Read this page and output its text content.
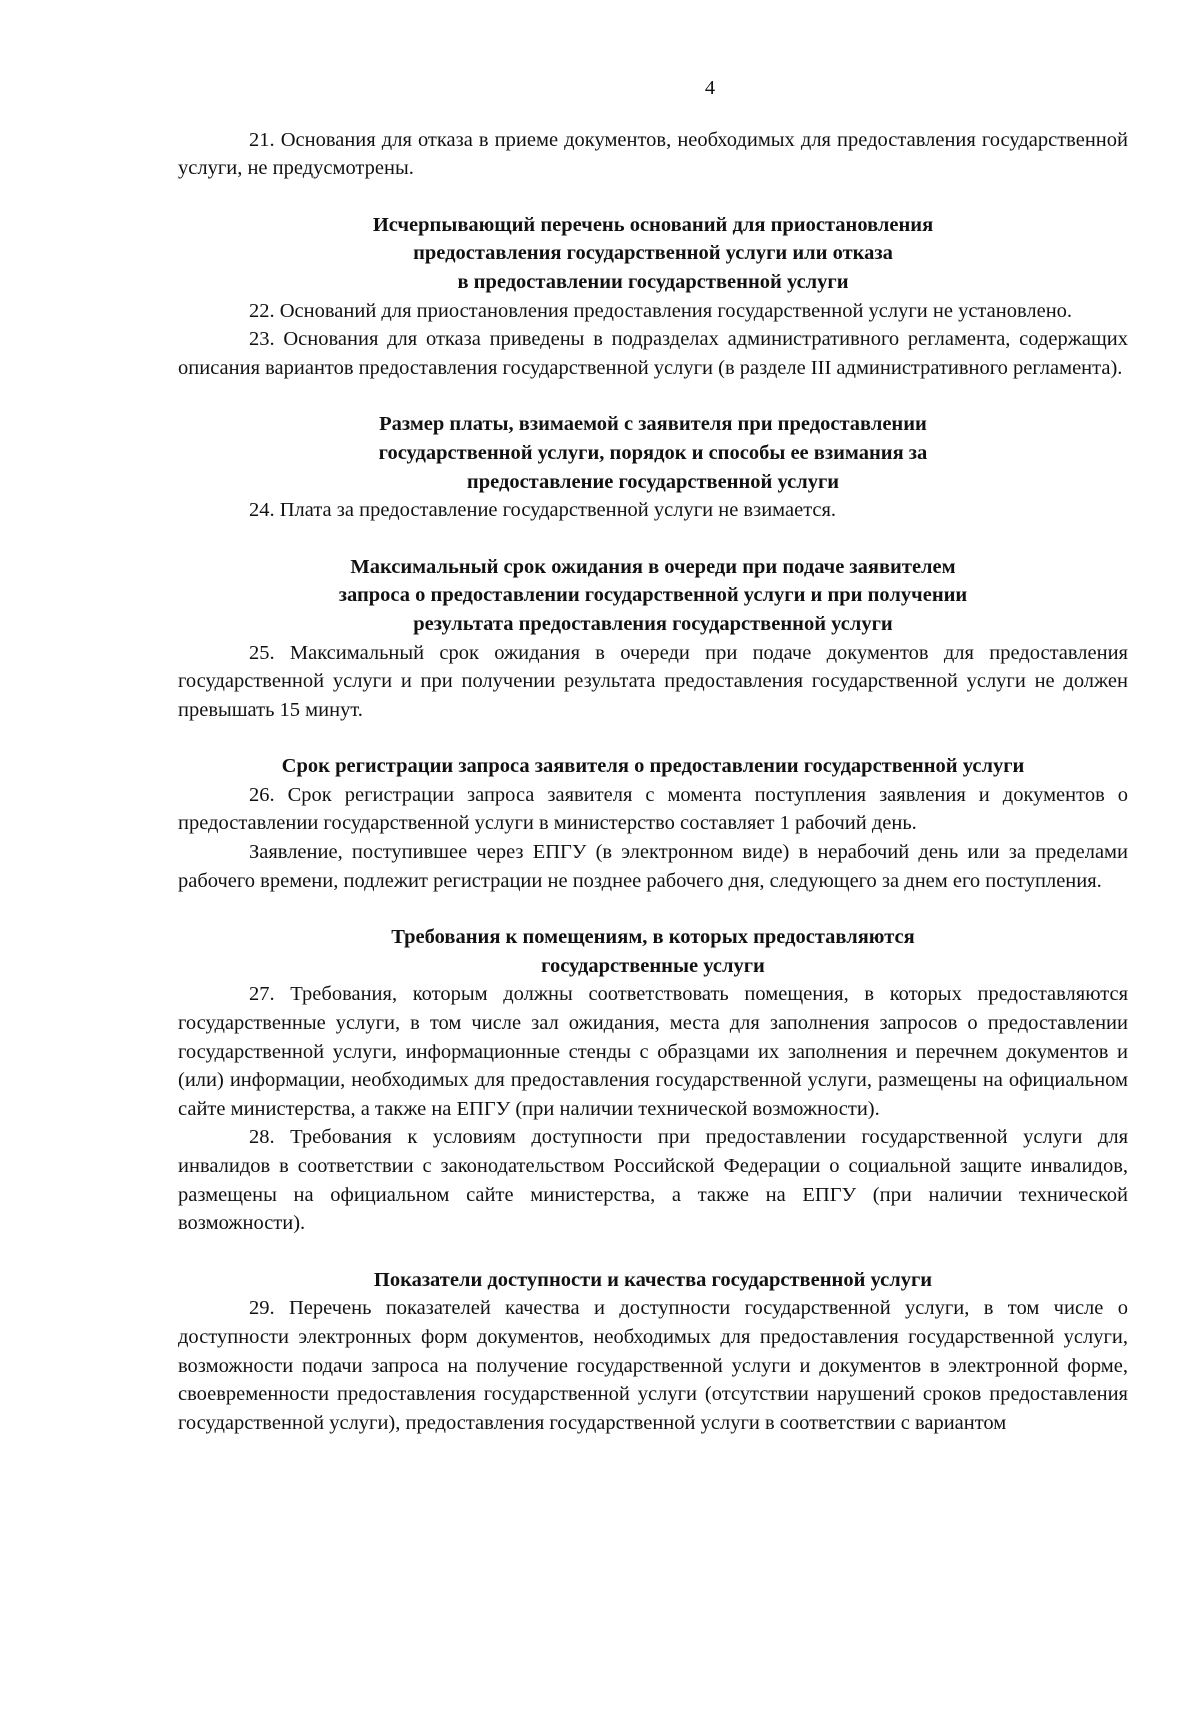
4

21. Основания для отказа в приеме документов, необходимых для предоставления государственной услуги, не предусмотрены.

Исчерпывающий перечень оснований для приостановления
предоставления государственной услуги или отказа
в предоставлении государственной услуги

22. Оснований для приостановления предоставления государственной услуги не установлено.

23. Основания для отказа приведены в подразделах административного регламента, содержащих описания вариантов предоставления государственной услуги (в разделе III административного регламента).

Размер платы, взимаемой с заявителя при предоставлении
государственной услуги, порядок и способы ее взимания за
предоставление государственной услуги

24. Плата за предоставление государственной услуги не взимается.

Максимальный срок ожидания в очереди при подаче заявителем
запроса о предоставлении государственной услуги и при получении
результата предоставления государственной услуги

25. Максимальный срок ожидания в очереди при подаче документов для предоставления государственной услуги и при получении результата предоставления государственной услуги не должен превышать 15 минут.

Срок регистрации запроса заявителя о предоставлении государственной услуги

26. Срок регистрации запроса заявителя с момента поступления заявления и документов о предоставлении государственной услуги в министерство составляет 1 рабочий день.

Заявление, поступившее через ЕПГУ (в электронном виде) в нерабочий день или за пределами рабочего времени, подлежит регистрации не позднее рабочего дня, следующего за днем его поступления.

Требования к помещениям, в которых предоставляются
государственные услуги

27. Требования, которым должны соответствовать помещения, в которых предоставляются государственные услуги, в том числе зал ожидания, места для заполнения запросов о предоставлении государственной услуги, информационные стенды с образцами их заполнения и перечнем документов и (или) информации, необходимых для предоставления государственной услуги, размещены на официальном сайте министерства, а также на ЕПГУ (при наличии технической возможности).

28. Требования к условиям доступности при предоставлении государственной услуги для инвалидов в соответствии с законодательством Российской Федерации о социальной защите инвалидов, размещены на официальном сайте министерства, а также на ЕПГУ (при наличии технической возможности).

Показатели доступности и качества государственной услуги

29. Перечень показателей качества и доступности государственной услуги, в том числе о доступности электронных форм документов, необходимых для предоставления государственной услуги, возможности подачи запроса на получение государственной услуги и документов в электронной форме, своевременности предоставления государственной услуги (отсутствии нарушений сроков предоставления государственной услуги), предоставления государственной услуги в соответствии с вариантом
